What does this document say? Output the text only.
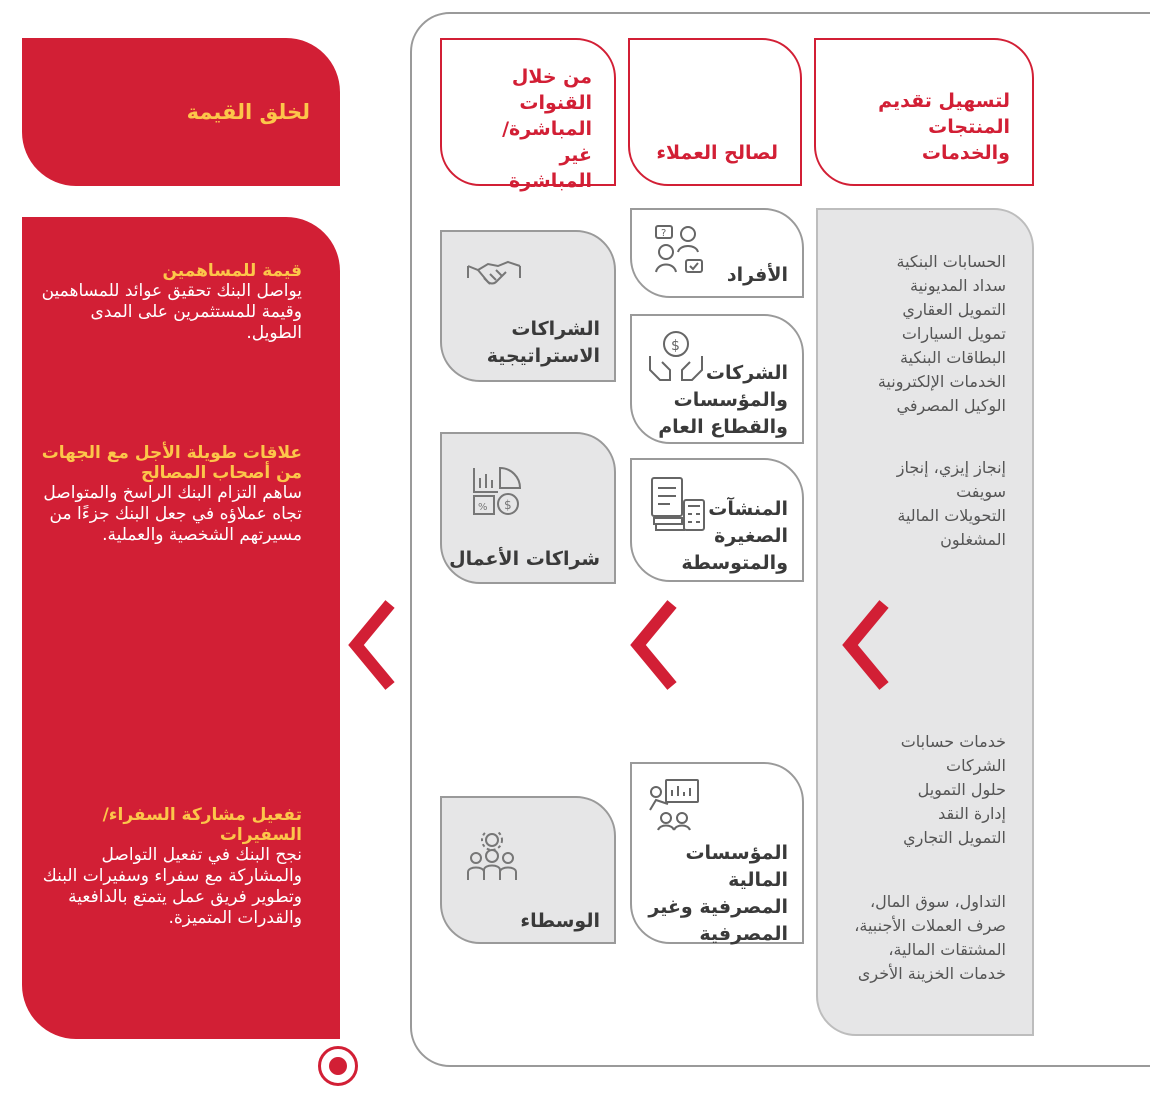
لخلق القيمة
قيمة للمساهمين
يواصل البنك تحقيق عوائد للمساهمين وقيمة للمستثمرين على المدى الطويل.
علاقات طويلة الأجل مع الجهات من أصحاب المصالح
ساهم التزام البنك الراسخ والمتواصل تجاه عملاؤه في جعل البنك جزءًا من مسيرتهم الشخصية والعملية.
تفعيل مشاركة السفراء/ السفيرات
نجح البنك في تفعيل التواصل والمشاركة مع سفراء وسفيرات البنك وتطوير فريق عمل يتمتع بالدافعية والقدرات المتميزة.
لتسهيل تقديم المنتجات والخدمات
لصالح العملاء
من خلال القنوات المباشرة/غير المباشرة
الحسابات البنكية
سداد المديونية
التمويل العقاري
تمويل السيارات
البطاقات البنكية
الخدمات الإلكترونية
الوكيل المصرفي
إنجاز إيزي، إنجاز سويفت
التحويلات المالية
المشغلون
خدمات حسابات الشركات
حلول التمويل
إدارة النقد
التمويل التجاري
التداول، سوق المال، صرف العملات الأجنبية، المشتقات المالية، خدمات الخزينة الأخرى
?
الأفراد
$
الشركات والمؤسسات والقطاع العام
المنشآت الصغيرة والمتوسطة
المؤسسات المالية المصرفية وغير المصرفية
الشراكات الاستراتيجية
% $
شراكات الأعمال
الوسطاء
